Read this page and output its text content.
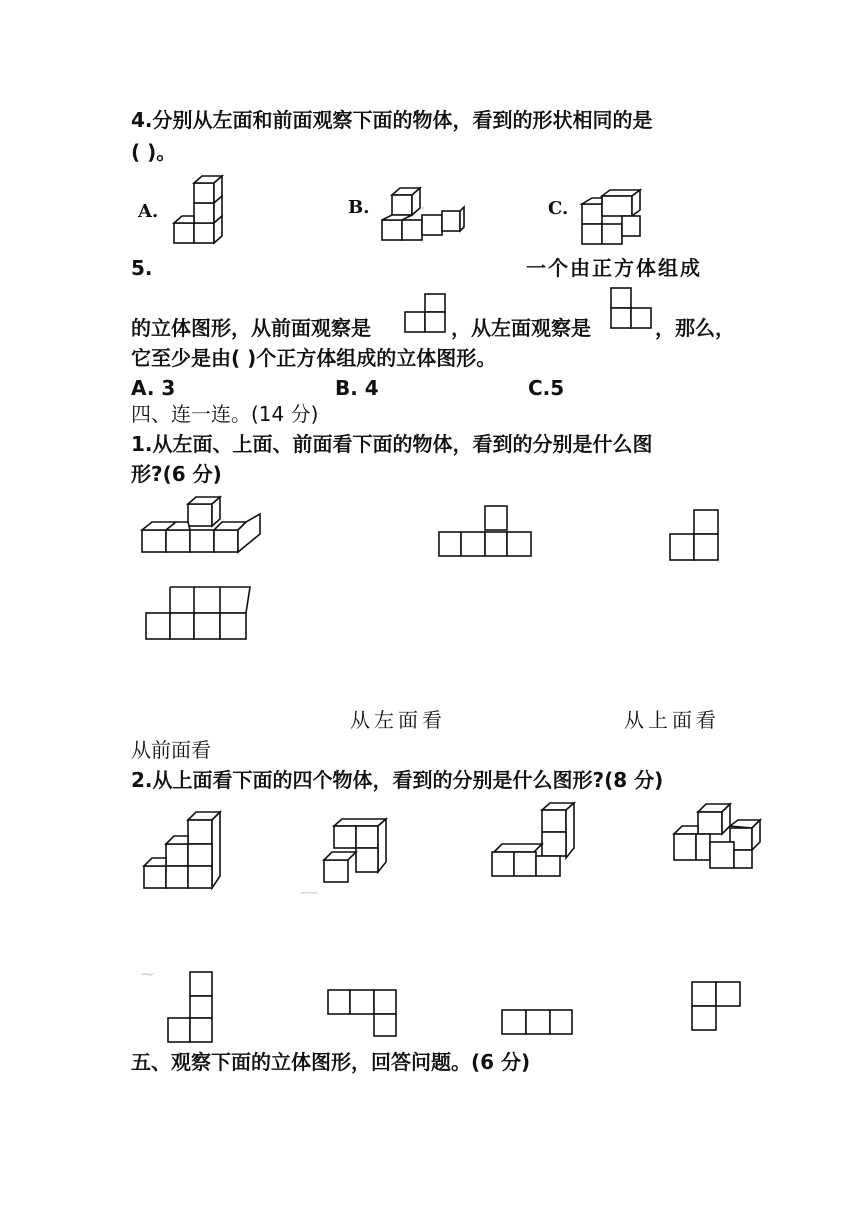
4.分别从左面和前面观察下面的物体，看到的形状相同的是
( )。
A.	B.	C.
·
5.	一个由正方体组成
的立体图形，从前面观察是	，从左面观察是	，那么，
它至少是由( )个正方体组成的立体图形。
A. 3	B. 4	C.5
四、连一连。(14 分)
1.从左面、上面、前面看下面的物体，看到的分别是什么图
形?(6 分)
从左面看	从上面看
从前面看
2.从上面看下面的四个物体，看到的分别是什么图形?(8 分)
—
~
五、观察下面的立体图形，回答问题。(6 分)
